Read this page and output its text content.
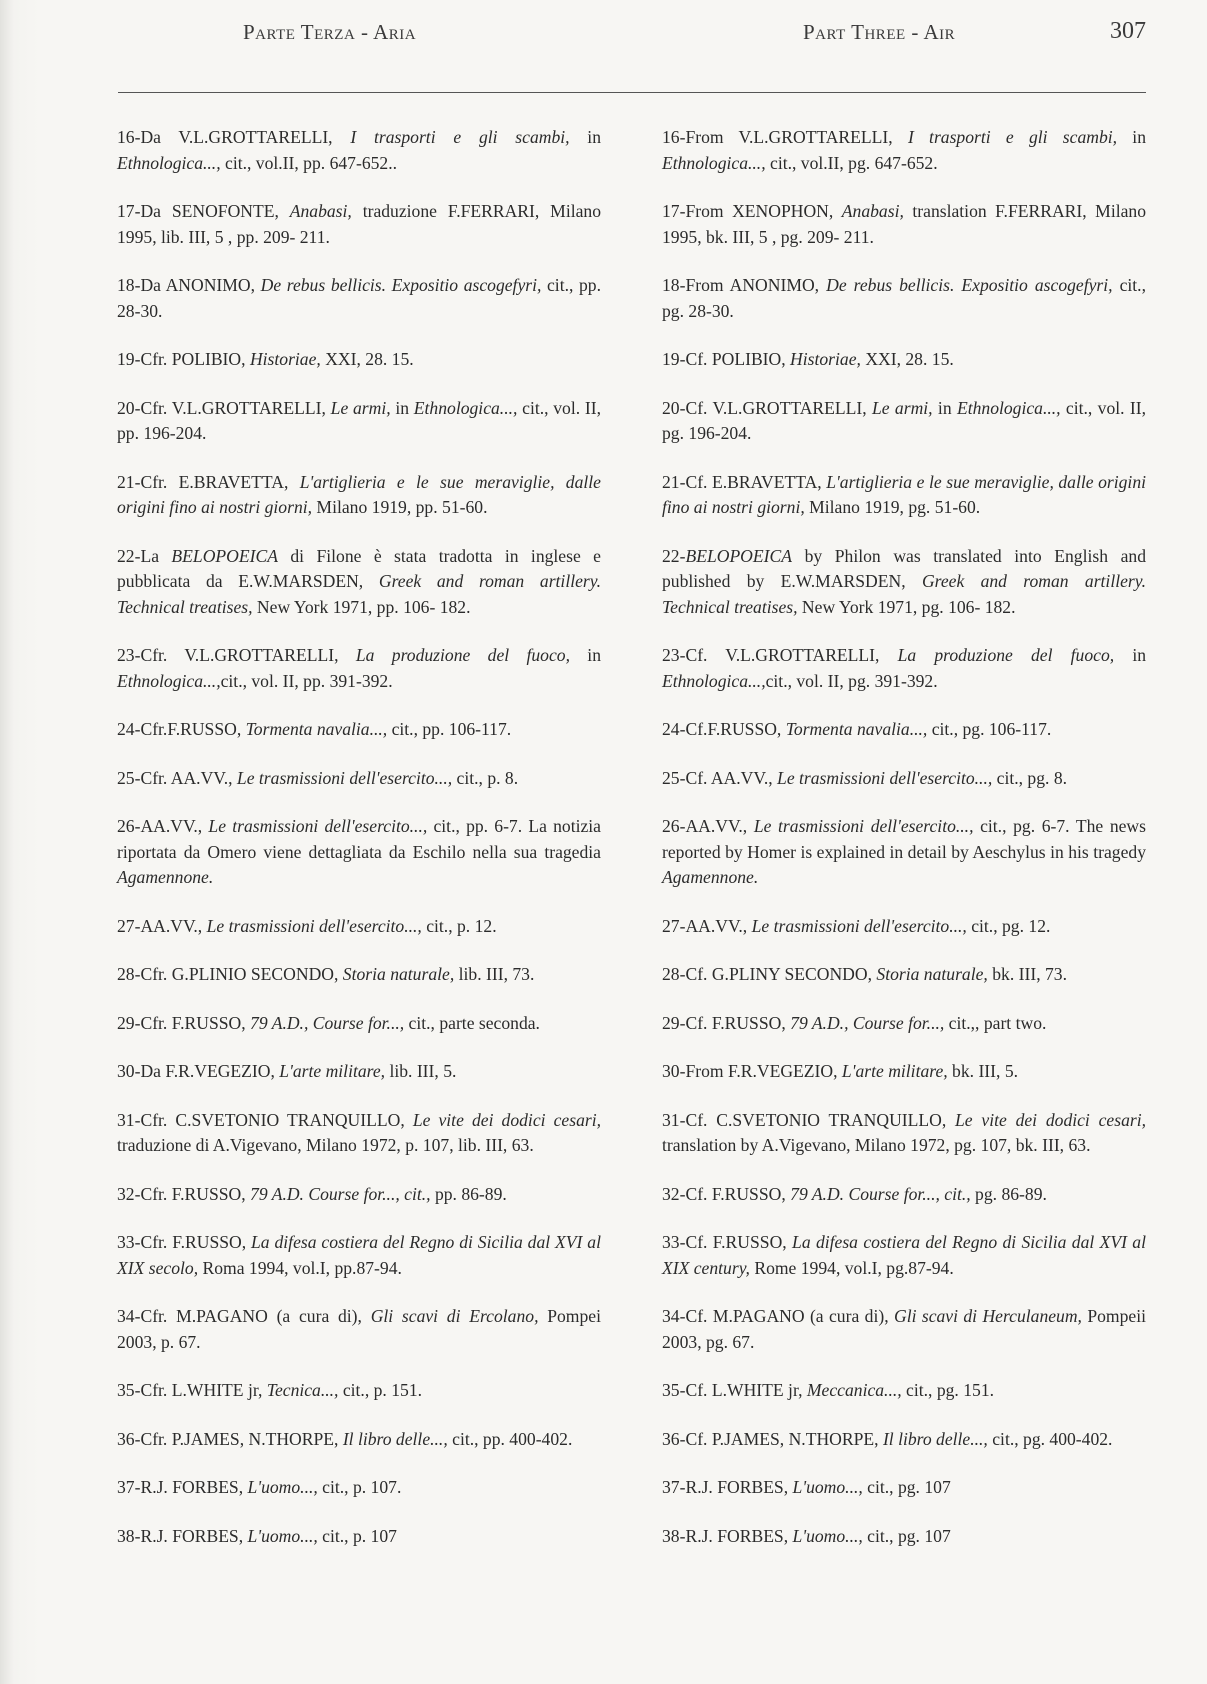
Parte Terza - Aria	Part Three - Air	307

16-Da V.L.GROTTARELLI, I trasporti e gli scambi, in Ethnologica..., cit., vol.II, pp. 647-652..

17-Da SENOFONTE, Anabasi, traduzione F.FERRARI, Milano 1995, lib. III, 5 , pp. 209- 211.

18-Da ANONIMO, De rebus bellicis. Expositio ascogefyri, cit., pp. 28-30.

19-Cfr. POLIBIO, Historiae, XXI, 28. 15.

20-Cfr. V.L.GROTTARELLI, Le armi, in Ethnologica..., cit., vol. II, pp. 196-204.

21-Cfr. E.BRAVETTA, L'artiglieria e le sue meraviglie, dalle origini fino ai nostri giorni, Milano 1919, pp. 51-60.

22-La BELOPOEICA di Filone è stata tradotta in inglese e pubblicata da E.W.MARSDEN, Greek and roman artillery. Technical treatises, New York 1971, pp. 106- 182.

23-Cfr. V.L.GROTTARELLI, La produzione del fuoco, in Ethnologica...,cit., vol. II, pp. 391-392.

24-Cfr.F.RUSSO, Tormenta navalia..., cit., pp. 106-117.

25-Cfr. AA.VV., Le trasmissioni dell'esercito..., cit., p. 8.

26-AA.VV., Le trasmissioni dell'esercito..., cit., pp. 6-7. La notizia riportata da Omero viene dettagliata da Eschilo nella sua tragedia Agamennone.

27-AA.VV., Le trasmissioni dell'esercito..., cit., p. 12.

28-Cfr. G.PLINIO SECONDO, Storia naturale, lib. III, 73.

29-Cfr. F.RUSSO, 79 A.D., Course for..., cit., parte seconda.

30-Da F.R.VEGEZIO, L'arte militare, lib. III, 5.

31-Cfr. C.SVETONIO TRANQUILLO, Le vite dei dodici cesari, traduzione di A.Vigevano, Milano 1972, p. 107, lib. III, 63.

32-Cfr. F.RUSSO, 79 A.D. Course for..., cit., pp. 86-89.

33-Cfr. F.RUSSO, La difesa costiera del Regno di Sicilia dal XVI al XIX secolo, Roma 1994, vol.I, pp.87-94.

34-Cfr. M.PAGANO (a cura di), Gli scavi di Ercolano, Pompei 2003, p. 67.

35-Cfr. L.WHITE jr, Tecnica..., cit., p. 151.

36-Cfr. P.JAMES, N.THORPE, Il libro delle..., cit., pp. 400-402.

37-R.J. FORBES, L'uomo..., cit., p. 107.

38-R.J. FORBES, L'uomo..., cit., p. 107

16-From V.L.GROTTARELLI, I trasporti e gli scambi, in Ethnologica..., cit., vol.II, pg. 647-652.

17-From XENOPHON, Anabasi, translation F.FERRARI, Milano 1995, bk. III, 5 , pg. 209- 211.

18-From ANONIMO, De rebus bellicis. Expositio ascogefyri, cit., pg. 28-30.

19-Cf. POLIBIO, Historiae, XXI, 28. 15.

20-Cf. V.L.GROTTARELLI, Le armi, in Ethnologica..., cit., vol. II, pg. 196-204.

21-Cf. E.BRAVETTA, L'artiglieria e le sue meraviglie, dalle origini fino ai nostri giorni, Milano 1919, pg. 51-60.

22-BELOPOEICA by Philon was translated into English and published by E.W.MARSDEN, Greek and roman artillery. Technical treatises, New York 1971, pg. 106- 182.

23-Cf. V.L.GROTTARELLI, La produzione del fuoco, in Ethnologica...,cit., vol. II, pg. 391-392.

24-Cf.F.RUSSO, Tormenta navalia..., cit., pg. 106-117.

25-Cf. AA.VV., Le trasmissioni dell'esercito..., cit., pg. 8.

26-AA.VV., Le trasmissioni dell'esercito..., cit., pg. 6-7. The news reported by Homer is explained in detail by Aeschylus in his tragedy Agamennone.

27-AA.VV., Le trasmissioni dell'esercito..., cit., pg. 12.

28-Cf. G.PLINY SECONDO, Storia naturale, bk. III, 73.

29-Cf. F.RUSSO, 79 A.D., Course for..., cit.,, part two.

30-From F.R.VEGEZIO, L'arte militare, bk. III, 5.

31-Cf. C.SVETONIO TRANQUILLO, Le vite dei dodici cesari, translation by A.Vigevano, Milano 1972, pg. 107, bk. III, 63.

32-Cf. F.RUSSO, 79 A.D. Course for..., cit., pg. 86-89.

33-Cf. F.RUSSO, La difesa costiera del Regno di Sicilia dal XVI al XIX century, Rome 1994, vol.I, pg.87-94.

34-Cf. M.PAGANO (a cura di), Gli scavi di Herculaneum, Pompeii 2003, pg. 67.

35-Cf. L.WHITE jr, Meccanica..., cit., pg. 151.

36-Cf. P.JAMES, N.THORPE, Il libro delle..., cit., pg. 400-402.

37-R.J. FORBES, L'uomo..., cit., pg. 107

38-R.J. FORBES, L'uomo..., cit., pg. 107
